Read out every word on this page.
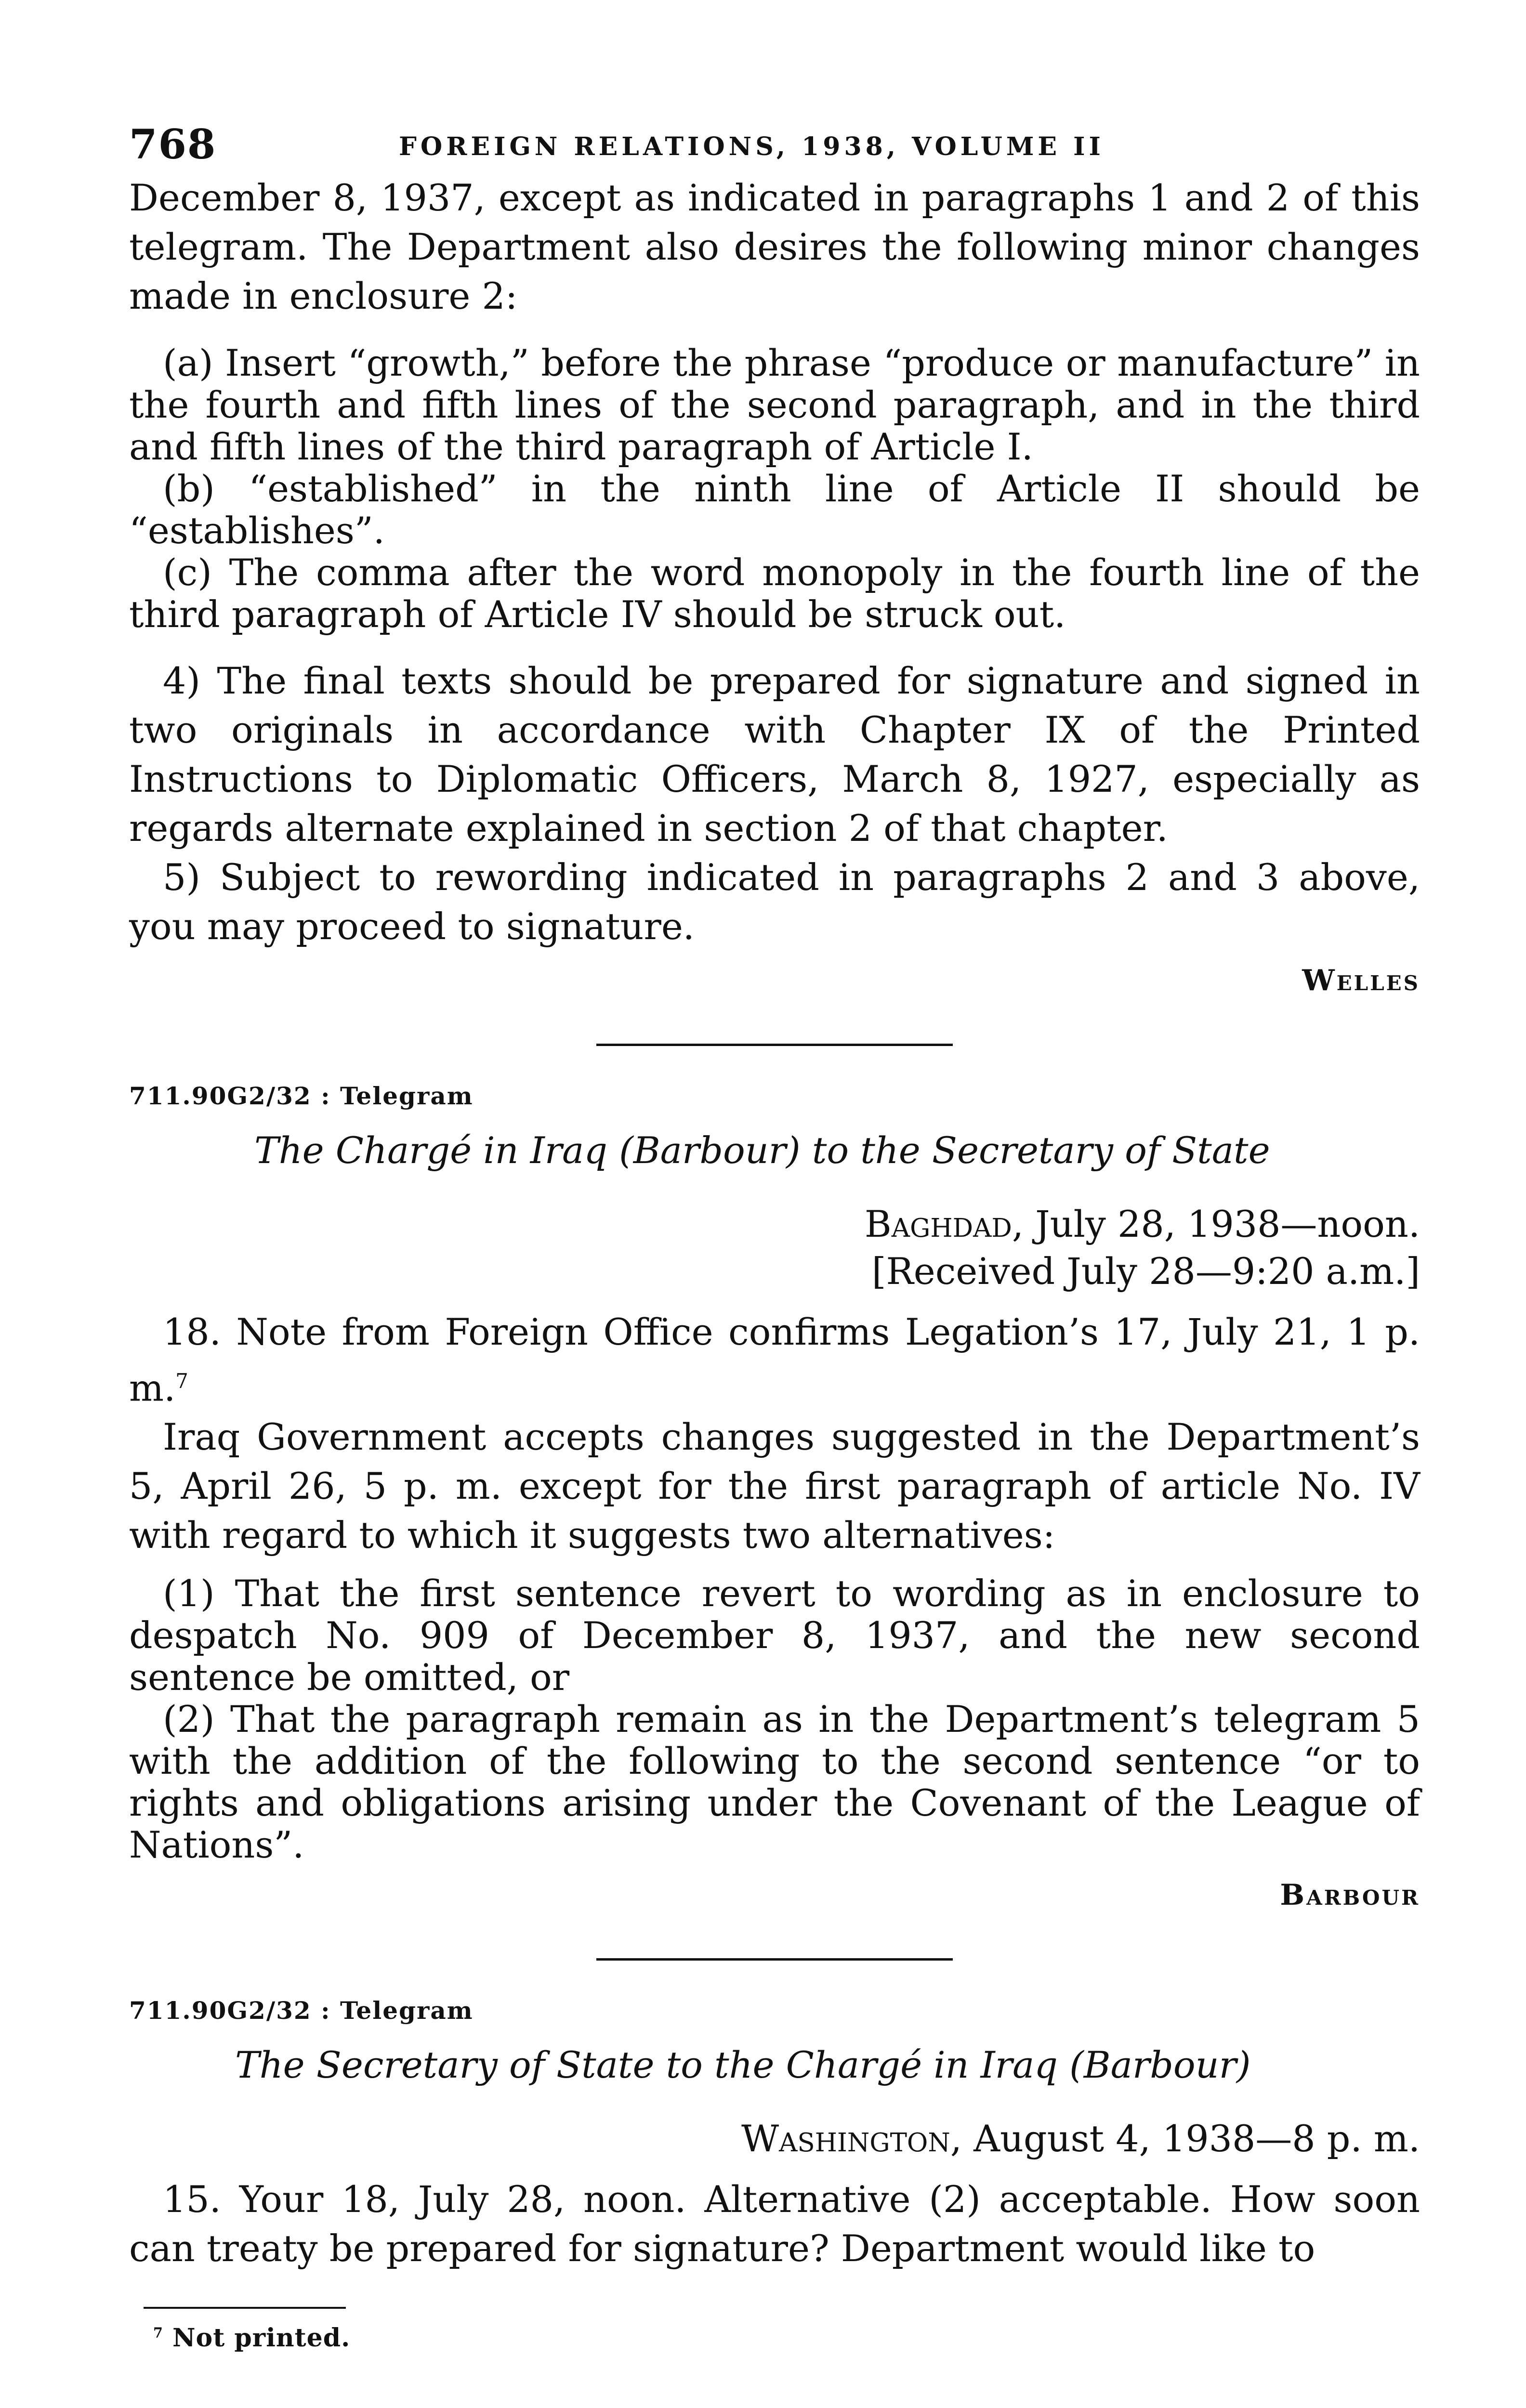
768	FOREIGN RELATIONS, 1938, VOLUME II

December 8, 1937, except as indicated in paragraphs 1 and 2 of this telegram. The Department also desires the following minor changes made in enclosure 2:

(a) Insert “growth,” before the phrase “produce or manufacture” in the fourth and fifth lines of the second paragraph, and in the third and fifth lines of the third paragraph of Article I.

(b) “established” in the ninth line of Article II should be “establishes”.

(c) The comma after the word monopoly in the fourth line of the third paragraph of Article IV should be struck out.

4) The final texts should be prepared for signature and signed in two originals in accordance with Chapter IX of the Printed Instructions to Diplomatic Officers, March 8, 1927, especially as regards alternate explained in section 2 of that chapter.

5) Subject to rewording indicated in paragraphs 2 and 3 above, you may proceed to signature.

Welles
711.90G2/32 : Telegram
The Chargé in Iraq (Barbour) to the Secretary of State
Baghdad, July 28, 1938—noon.
[Received July 28—9:20 a.m.]

18. Note from Foreign Office confirms Legation’s 17, July 21, 1 p. m.$^7$

Iraq Government accepts changes suggested in the Department’s 5, April 26, 5 p. m. except for the first paragraph of article No. IV with regard to which it suggests two alternatives:

(1) That the first sentence revert to wording as in enclosure to despatch No. 909 of December 8, 1937, and the new second sentence be omitted, or

(2) That the paragraph remain as in the Department’s telegram 5 with the addition of the following to the second sentence “or to rights and obligations arising under the Covenant of the League of Nations”.

Barbour
711.90G2/32 : Telegram
The Secretary of State to the Chargé in Iraq (Barbour)
Washington, August 4, 1938—8 p. m.

15. Your 18, July 28, noon. Alternative (2) acceptable. How soon can treaty be prepared for signature? Department would like to

$^7$ Not printed.
